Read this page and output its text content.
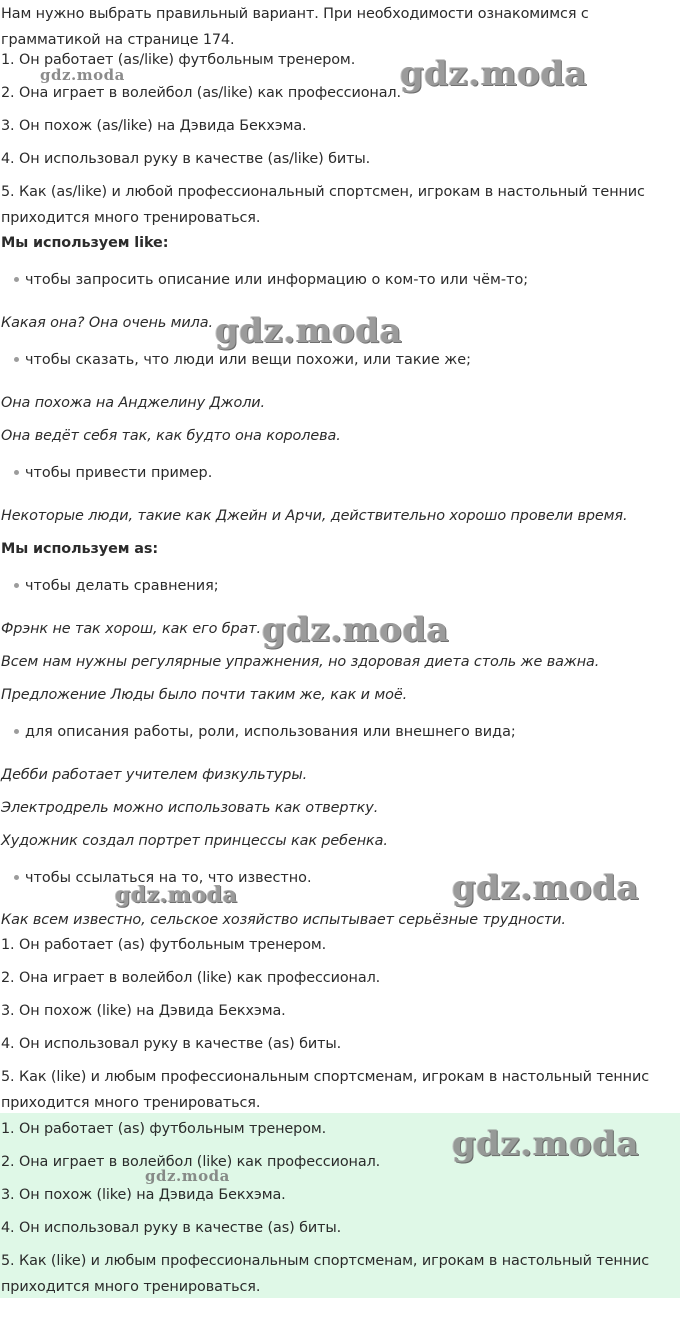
Нам нужно выбрать правильный вариант. При необходимости ознакомимся с
грамматикой на странице 174.
1. Он работает (as/like) футбольным тренером.
2. Она играет в волейбол (as/like) как профессионал.
3. Он похож (as/like) на Дэвида Бекхэма.
4. Он использовал руку в качестве (as/like) биты.
5. Как (as/like) и любой профессиональный спортсмен, игрокам в настольный теннис
приходится много тренироваться.
Мы используем like:
чтобы запросить описание или информацию о ком-то или чём-то;
Какая она? Она очень мила.
чтобы сказать, что люди или вещи похожи, или такие же;
Она похожа на Анджелину Джоли.
Она ведёт себя так, как будто она королева.
чтобы привести пример.
Некоторые люди, такие как Джейн и Арчи, действительно хорошо провели время.
Мы используем as:
чтобы делать сравнения;
Фрэнк не так хорош, как его брат.
Всем нам нужны регулярные упражнения, но здоровая диета столь же важна.
Предложение Люды было почти таким же, как и моё.
для описания работы, роли, использования или внешнего вида;
Дебби работает учителем физкультуры.
Электродрель можно использовать как отвертку.
Художник создал портрет принцессы как ребенка.
чтобы ссылаться на то, что известно.
Как всем известно, сельское хозяйство испытывает серьёзные трудности.
1. Он работает (as) футбольным тренером.
2. Она играет в волейбол (like) как профессионал.
3. Он похож (like) на Дэвида Бекхэма.
4. Он использовал руку в качестве (as) биты.
5. Как (like) и любым профессиональным спортсменам, игрокам в настольный теннис
приходится много тренироваться.
1. Он работает (as) футбольным тренером.
2. Она играет в волейбол (like) как профессионал.
3. Он похож (like) на Дэвида Бекхэма.
4. Он использовал руку в качестве (as) биты.
5. Как (like) и любым профессиональным спортсменам, игрокам в настольный теннис
приходится много тренироваться.
gdz.moda	gdz.moda
gdz.moda
gdz.moda
gdz.moda	gdz.moda
gdz.moda
gdz.moda
